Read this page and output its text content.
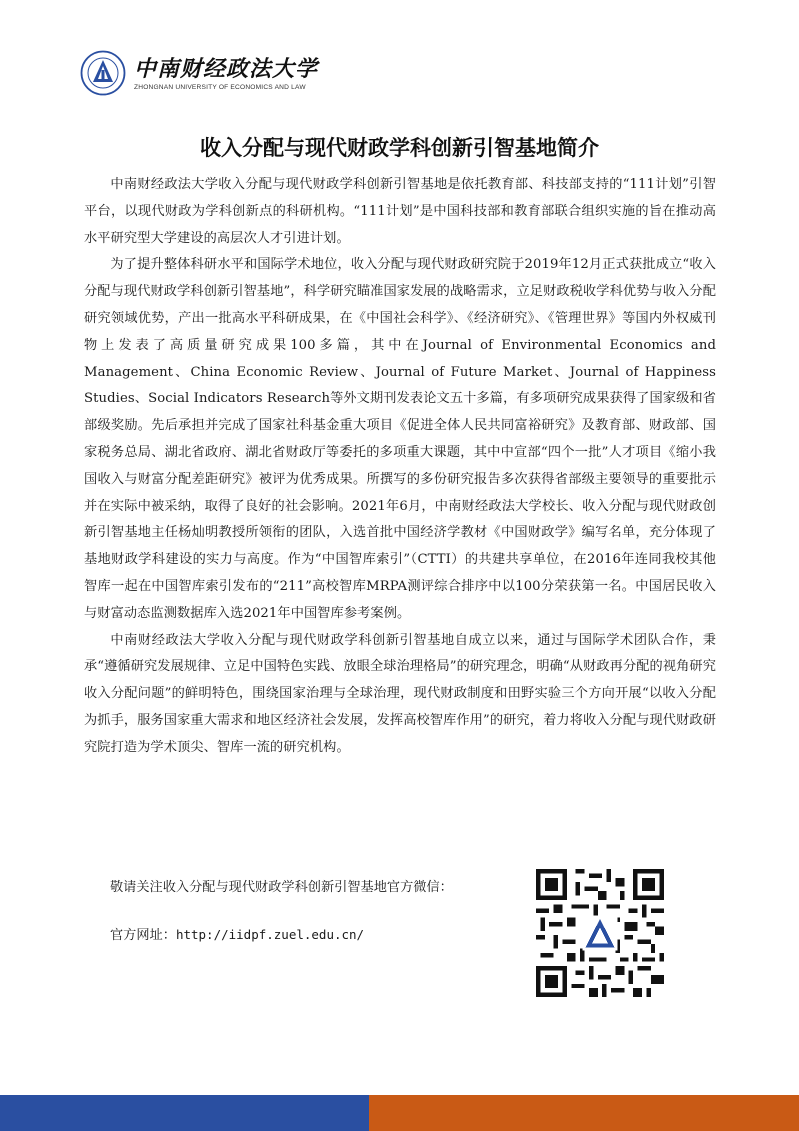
中南财经政法大学
ZHONGNAN UNIVERSITY OF ECONOMICS AND LAW
收入分配与现代财政学科创新引智基地简介

中南财经政法大学收入分配与现代财政学科创新引智基地是依托教育部、科技部支持的“111计划”引智平台，以现代财政为学科创新点的科研机构。“111计划”是中国科技部和教育部联合组织实施的旨在推动高水平研究型大学建设的高层次人才引进计划。

为了提升整体科研水平和国际学术地位，收入分配与现代财政研究院于2019年12月正式获批成立“收入分配与现代财政学科创新引智基地”，科学研究瞄准国家发展的战略需求，立足财政税收学科优势与收入分配研究领域优势，产出一批高水平科研成果，在《中国社会科学》、《经济研究》、《管理世界》等国内外权威刊物上发表了高质量研究成果100多篇，其中在Journal of Environmental Economics and Management、China Economic Review、Journal of Future Market、Journal of Happiness Studies、Social Indicators Research等外文期刊发表论文五十多篇，有多项研究成果获得了国家级和省部级奖励。先后承担并完成了国家社科基金重大项目《促进全体人民共同富裕研究》及教育部、财政部、国家税务总局、湖北省政府、湖北省财政厅等委托的多项重大课题，其中中宣部“四个一批”人才项目《缩小我国收入与财富分配差距研究》被评为优秀成果。所撰写的多份研究报告多次获得省部级主要领导的重要批示并在实际中被采纳，取得了良好的社会影响。2021年6月，中南财经政法大学校长、收入分配与现代财政创新引智基地主任杨灿明教授所领衔的团队，入选首批中国经济学教材《中国财政学》编写名单，充分体现了基地财政学科建设的实力与高度。作为“中国智库索引”（CTTI）的共建共享单位，在2016年连同我校其他智库一起在中国智库索引发布的“211”高校智库MRPA测评综合排序中以100分荣获第一名。中国居民收入与财富动态监测数据库入选2021年中国智库参考案例。

中南财经政法大学收入分配与现代财政学科创新引智基地自成立以来，通过与国际学术团队合作，秉承“遵循研究发展规律、立足中国特色实践、放眼全球治理格局”的研究理念，明确“从财政再分配的视角研究收入分配问题”的鲜明特色，围绕国家治理与全球治理，现代财政制度和田野实验三个方向开展“以收入分配为抓手，服务国家重大需求和地区经济社会发展，发挥高校智库作用”的研究，着力将收入分配与现代财政研究院打造为学术顶尖、智库一流的研究机构。

敬请关注收入分配与现代财政学科创新引智基地官方微信：
官方网址：http://iidpf.zuel.edu.cn/
